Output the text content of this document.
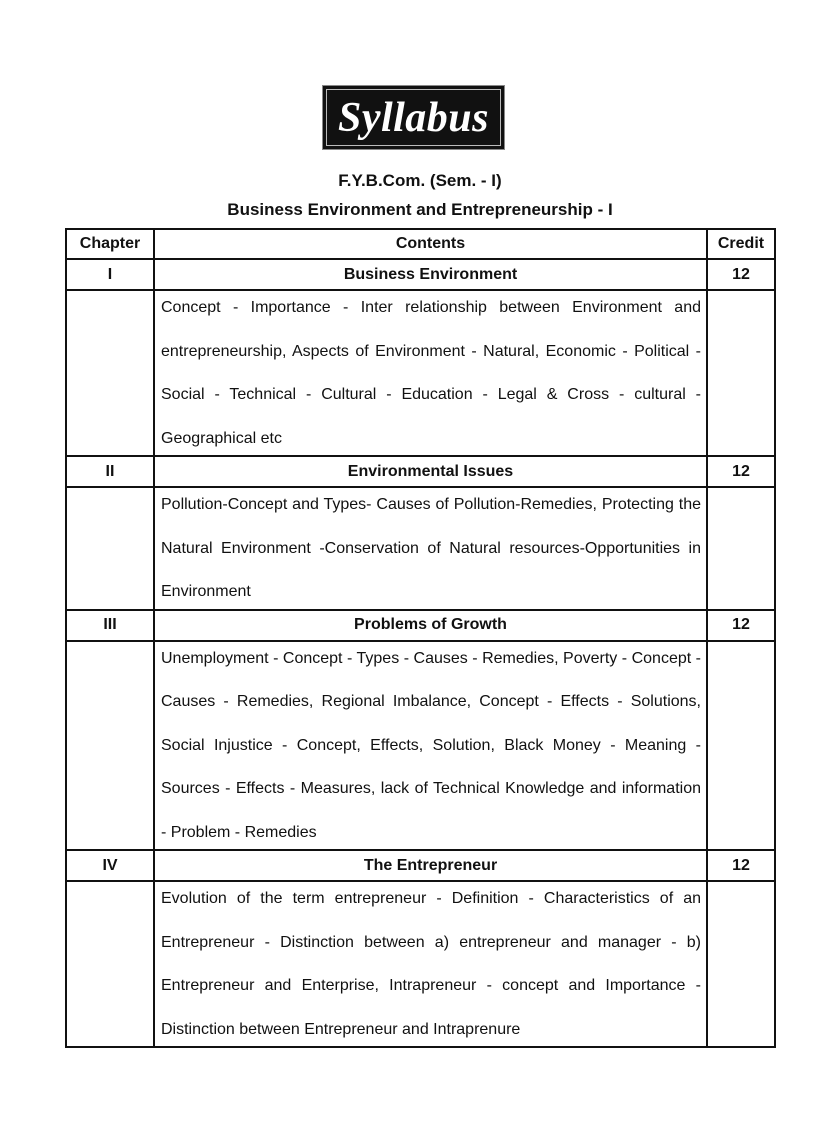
Syllabus
F.Y.B.Com. (Sem. - I)
Business Environment and Entrepreneurship - I
Chapter	Contents	Credit
I	Business Environment	12

	Concept - Importance - Inter relationship between Environment and entrepreneurship, Aspects of Environment - Natural, Economic - Political - Social - Technical - Cultural - Education - Legal & Cross - cultural - Geographical etc	

II	Environmental Issues	12

	Pollution-Concept and Types- Causes of Pollution-Remedies, Protecting the Natural Environment -Conservation of Natural resources-Opportunities in Environment	

III	Problems of Growth	12

	Unemployment - Concept - Types - Causes - Remedies, Poverty - Concept - Causes - Remedies, Regional Imbalance, Concept - Effects - Solutions, Social Injustice - Concept, Effects, Solution, Black Money - Meaning - Sources - Effects - Measures, lack of Technical Knowledge and information - Problem - Remedies	

IV	The Entrepreneur	12

	Evolution of the term entrepreneur - Definition - Characteristics of an Entrepreneur - Distinction between a) entrepreneur and manager - b) Entrepreneur and Enterprise, Intrapreneur - concept and Importance - Distinction between Entrepreneur and Intraprenure	
